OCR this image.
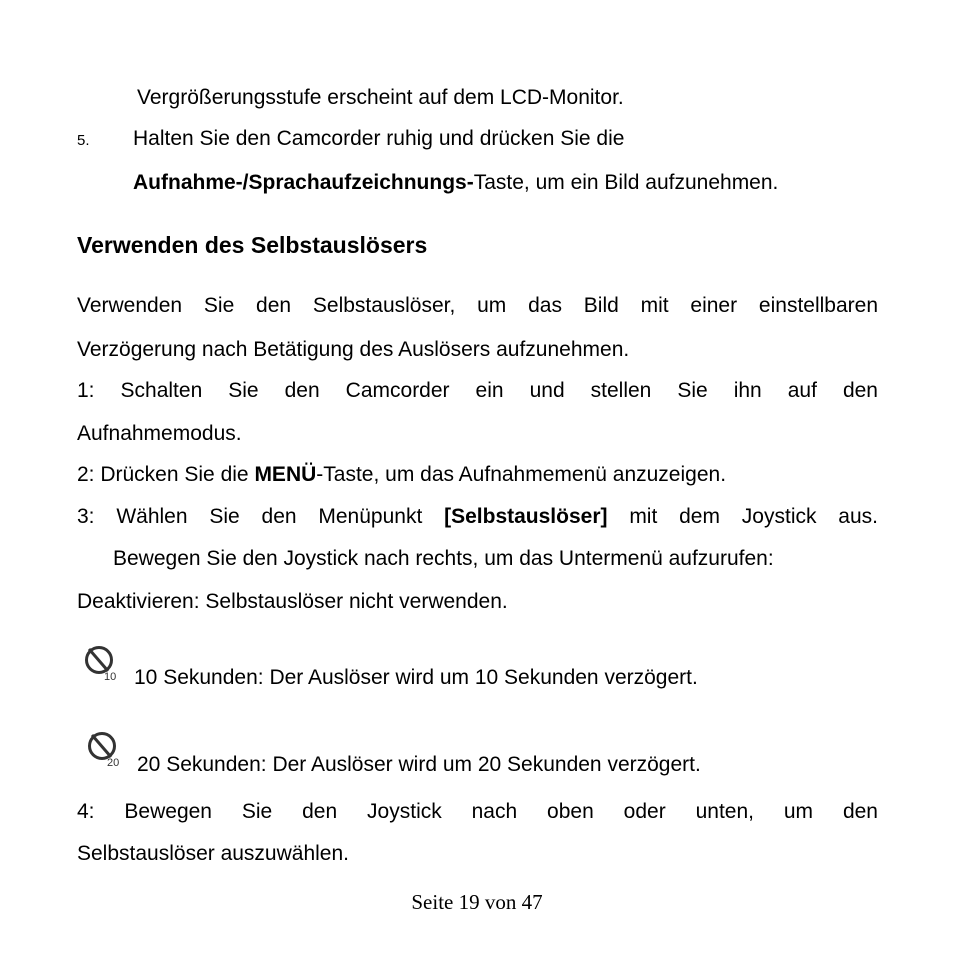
Vergrößerungsstufe erscheint auf dem LCD-Monitor.
5. Halten Sie den Camcorder ruhig und drücken Sie die
Aufnahme-/Sprachaufzeichnungs-Taste, um ein Bild aufzunehmen.
Verwenden des Selbstauslösers
Verwenden Sie den Selbstauslöser, um das Bild mit einer einstellbaren
Verzögerung nach Betätigung des Auslösers aufzunehmen.
1: Schalten Sie den Camcorder ein und stellen Sie ihn auf den
Aufnahmemodus.
2: Drücken Sie die MENÜ-Taste, um das Aufnahmemenü anzuzeigen.
3: Wählen Sie den Menüpunkt [Selbstauslöser] mit dem Joystick aus.
Bewegen Sie den Joystick nach rechts, um das Untermenü aufzurufen:
Deaktivieren: Selbstauslöser nicht verwenden.
10 10 Sekunden: Der Auslöser wird um 10 Sekunden verzögert.
20 20 Sekunden: Der Auslöser wird um 20 Sekunden verzögert.
4: Bewegen Sie den Joystick nach oben oder unten, um den
Selbstauslöser auszuwählen.
Seite 19 von 47
